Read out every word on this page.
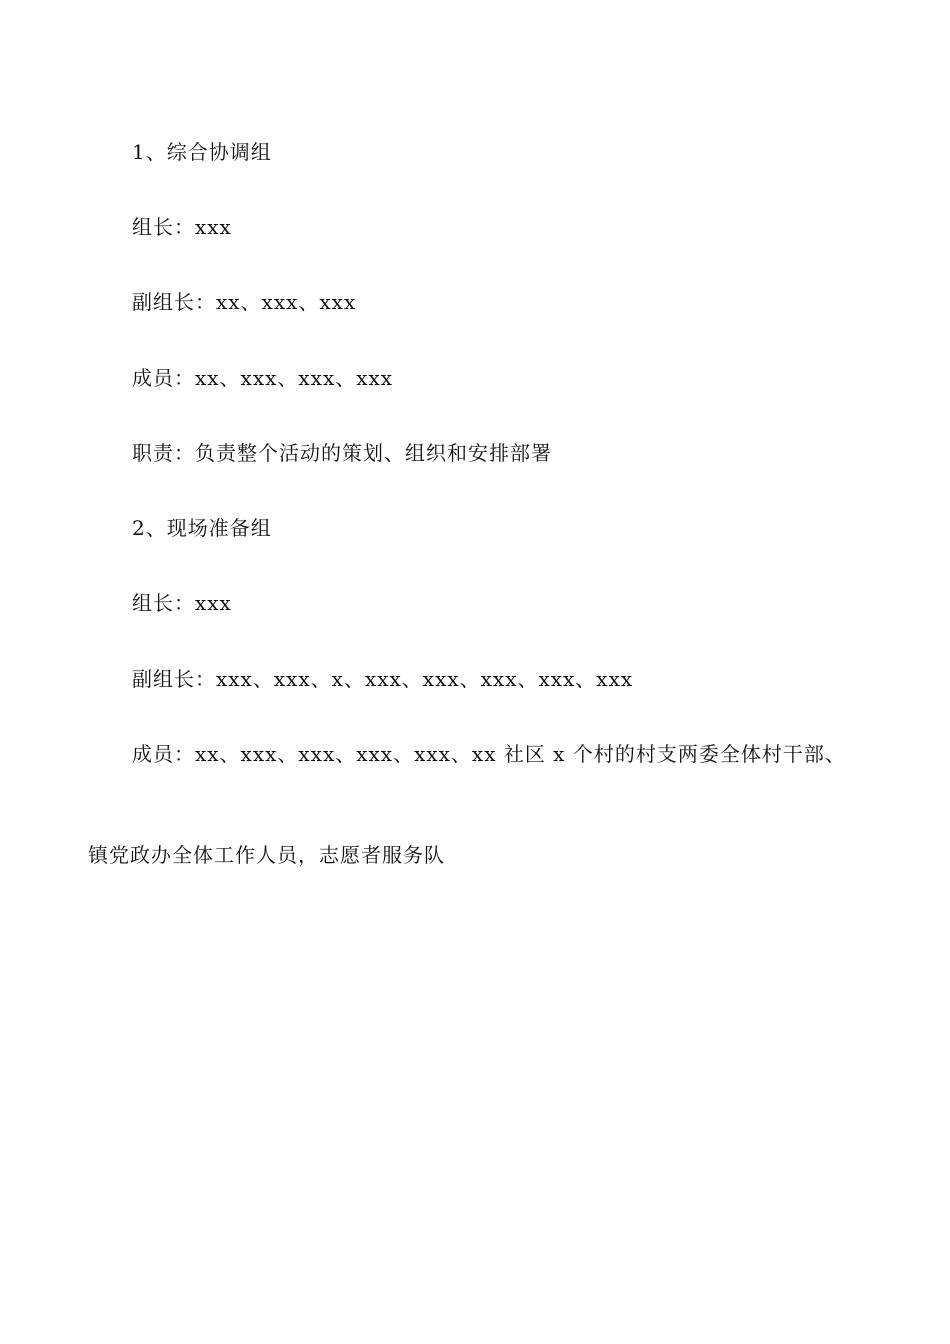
1、综合协调组
组长：xxx
副组长：xx、xxx、xxx
成员：xx、xxx、xxx、xxx
职责：负责整个活动的策划、组织和安排部署
2、现场准备组
组长：xxx
副组长：xxx、xxx、x、xxx、xxx、xxx、xxx、xxx
成员：xx、xxx、xxx、xxx、xxx、xx 社区 x 个村的村支两委全体村干部、
镇党政办全体工作人员，志愿者服务队
